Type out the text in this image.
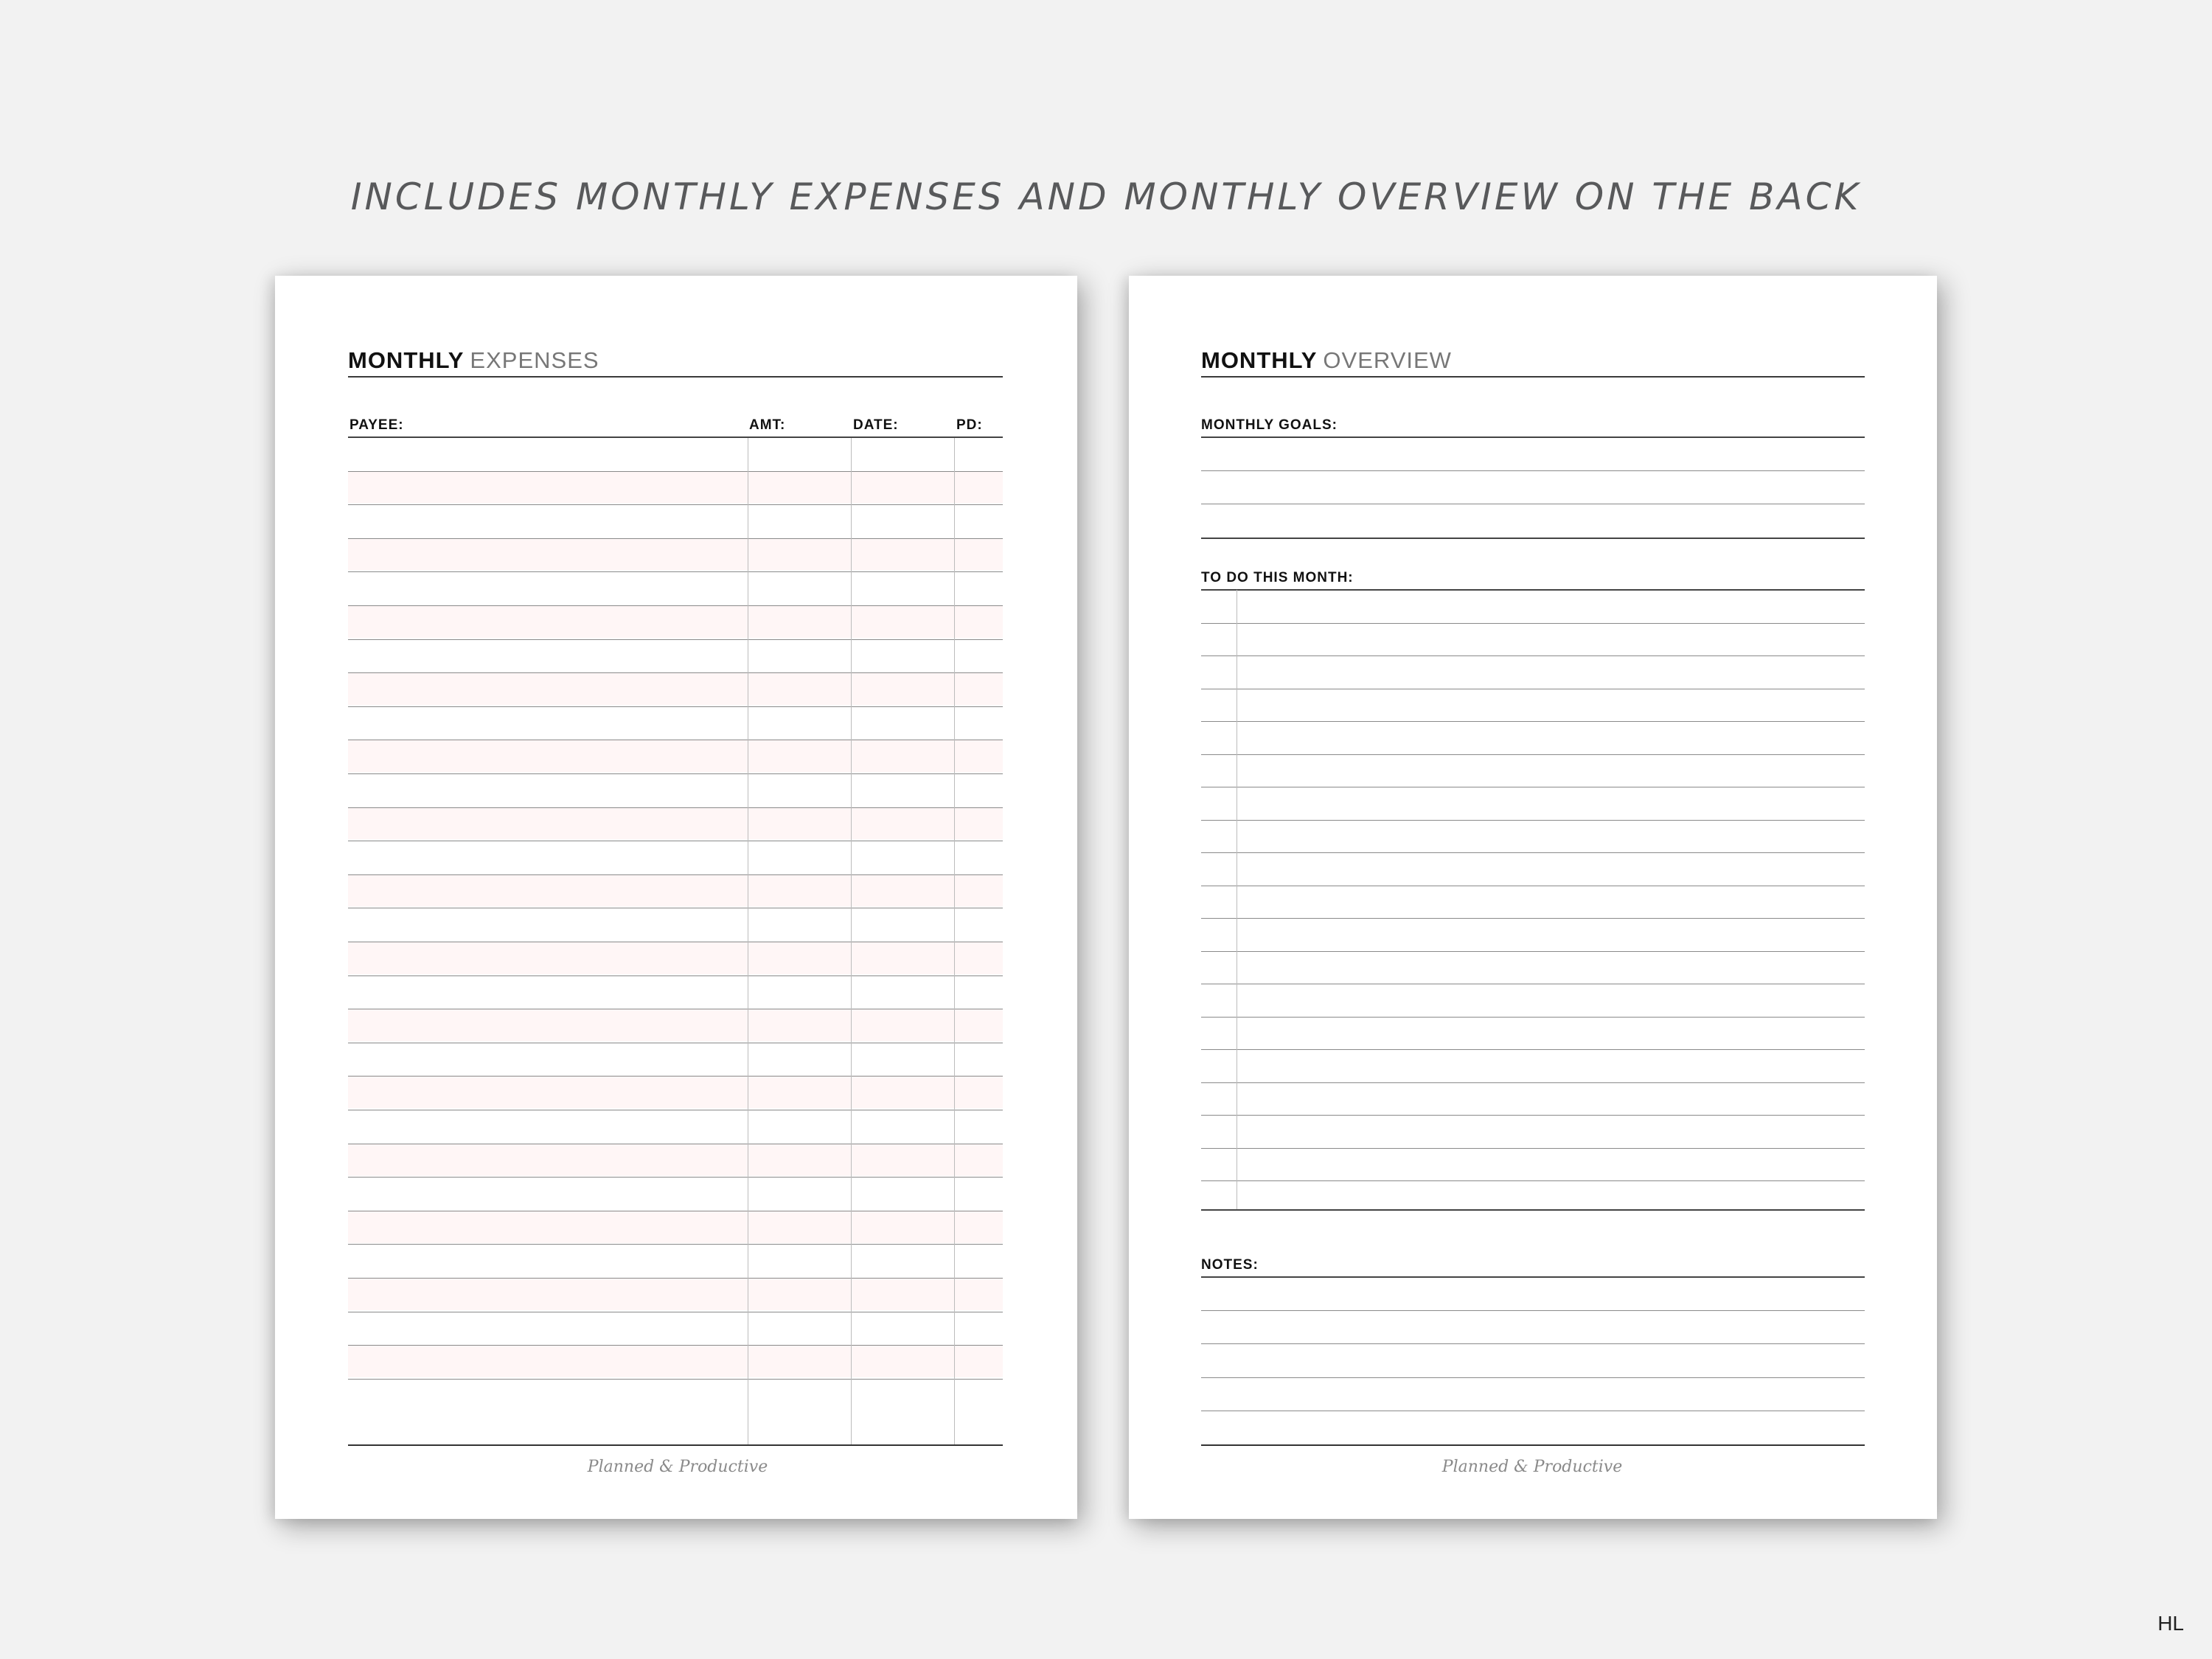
INCLUDES MONTHLY EXPENSES AND MONTHLY OVERVIEW ON THE BACK
MONTHLY EXPENSES
PAYEE:	AMT:	DATE:	PD:
Planned & Productive
MONTHLY OVERVIEW
MONTHLY GOALS:
TO DO THIS MONTH:
NOTES:
Planned & Productive
HL
